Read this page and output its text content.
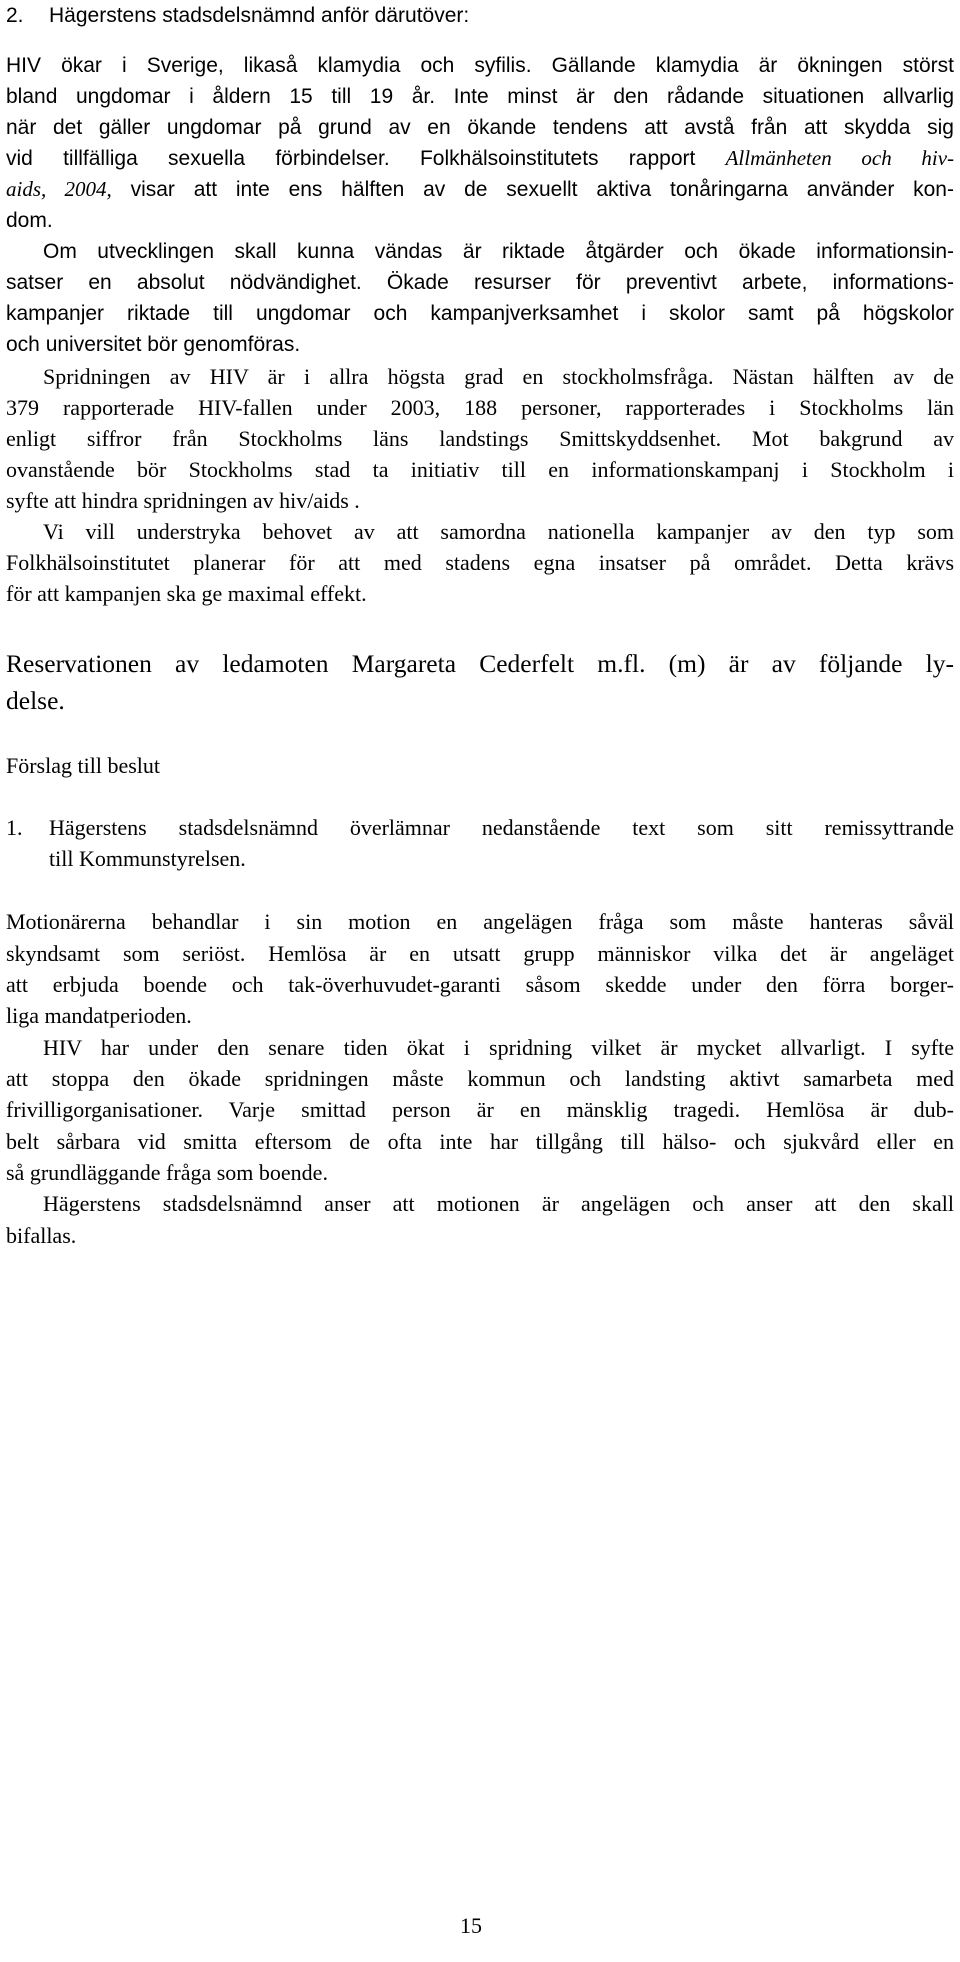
2. Hägerstens stadsdelsnämnd anför därutöver:
HIV ökar i Sverige, likaså klamydia och syfilis. Gällande klamydia är ökningen störst
bland ungdomar i åldern 15 till 19 år. Inte minst är den rådande situationen allvarlig
när det gäller ungdomar på grund av en ökande tendens att avstå från att skydda sig
vid tillfälliga sexuella förbindelser. Folkhälsoinstitutets rapport Allmänheten och hiv-
aids, 2004, visar att inte ens hälften av de sexuellt aktiva tonåringarna använder kon-
dom.
Om utvecklingen skall kunna vändas är riktade åtgärder och ökade informationsin-
satser en absolut nödvändighet. Ökade resurser för preventivt arbete, informations-
kampanjer riktade till ungdomar och kampanjverksamhet i skolor samt på högskolor
och universitet bör genomföras.
Spridningen av HIV är i allra högsta grad en stockholmsfråga. Nästan hälften av de
379 rapporterade HIV-fallen under 2003, 188 personer, rapporterades i Stockholms län
enligt siffror från Stockholms läns landstings Smittskyddsenhet. Mot bakgrund av
ovanstående bör Stockholms stad ta initiativ till en informationskampanj i Stockholm i
syfte att hindra spridningen av hiv/aids .
Vi vill understryka behovet av att samordna nationella kampanjer av den typ som
Folkhälsoinstitutet planerar för att med stadens egna insatser på området. Detta krävs
för att kampanjen ska ge maximal effekt.
Reservationen av ledamoten Margareta Cederfelt m.fl. (m) är av följande ly-
delse.
Förslag till beslut
1. Hägerstens stadsdelsnämnd överlämnar nedanstående text som sitt remissyttrande
till Kommunstyrelsen.
Motionärerna behandlar i sin motion en angelägen fråga som måste hanteras såväl
skyndsamt som seriöst. Hemlösa är en utsatt grupp människor vilka det är angeläget
att erbjuda boende och tak-överhuvudet-garanti såsom skedde under den förra borger-
liga mandatperioden.
HIV har under den senare tiden ökat i spridning vilket är mycket allvarligt. I syfte
att stoppa den ökade spridningen måste kommun och landsting aktivt samarbeta med
frivilligorganisationer. Varje smittad person är en mänsklig tragedi. Hemlösa är dub-
belt sårbara vid smitta eftersom de ofta inte har tillgång till hälso- och sjukvård eller en
så grundläggande fråga som boende.
Hägerstens stadsdelsnämnd anser att motionen är angelägen och anser att den skall
bifallas.
15
